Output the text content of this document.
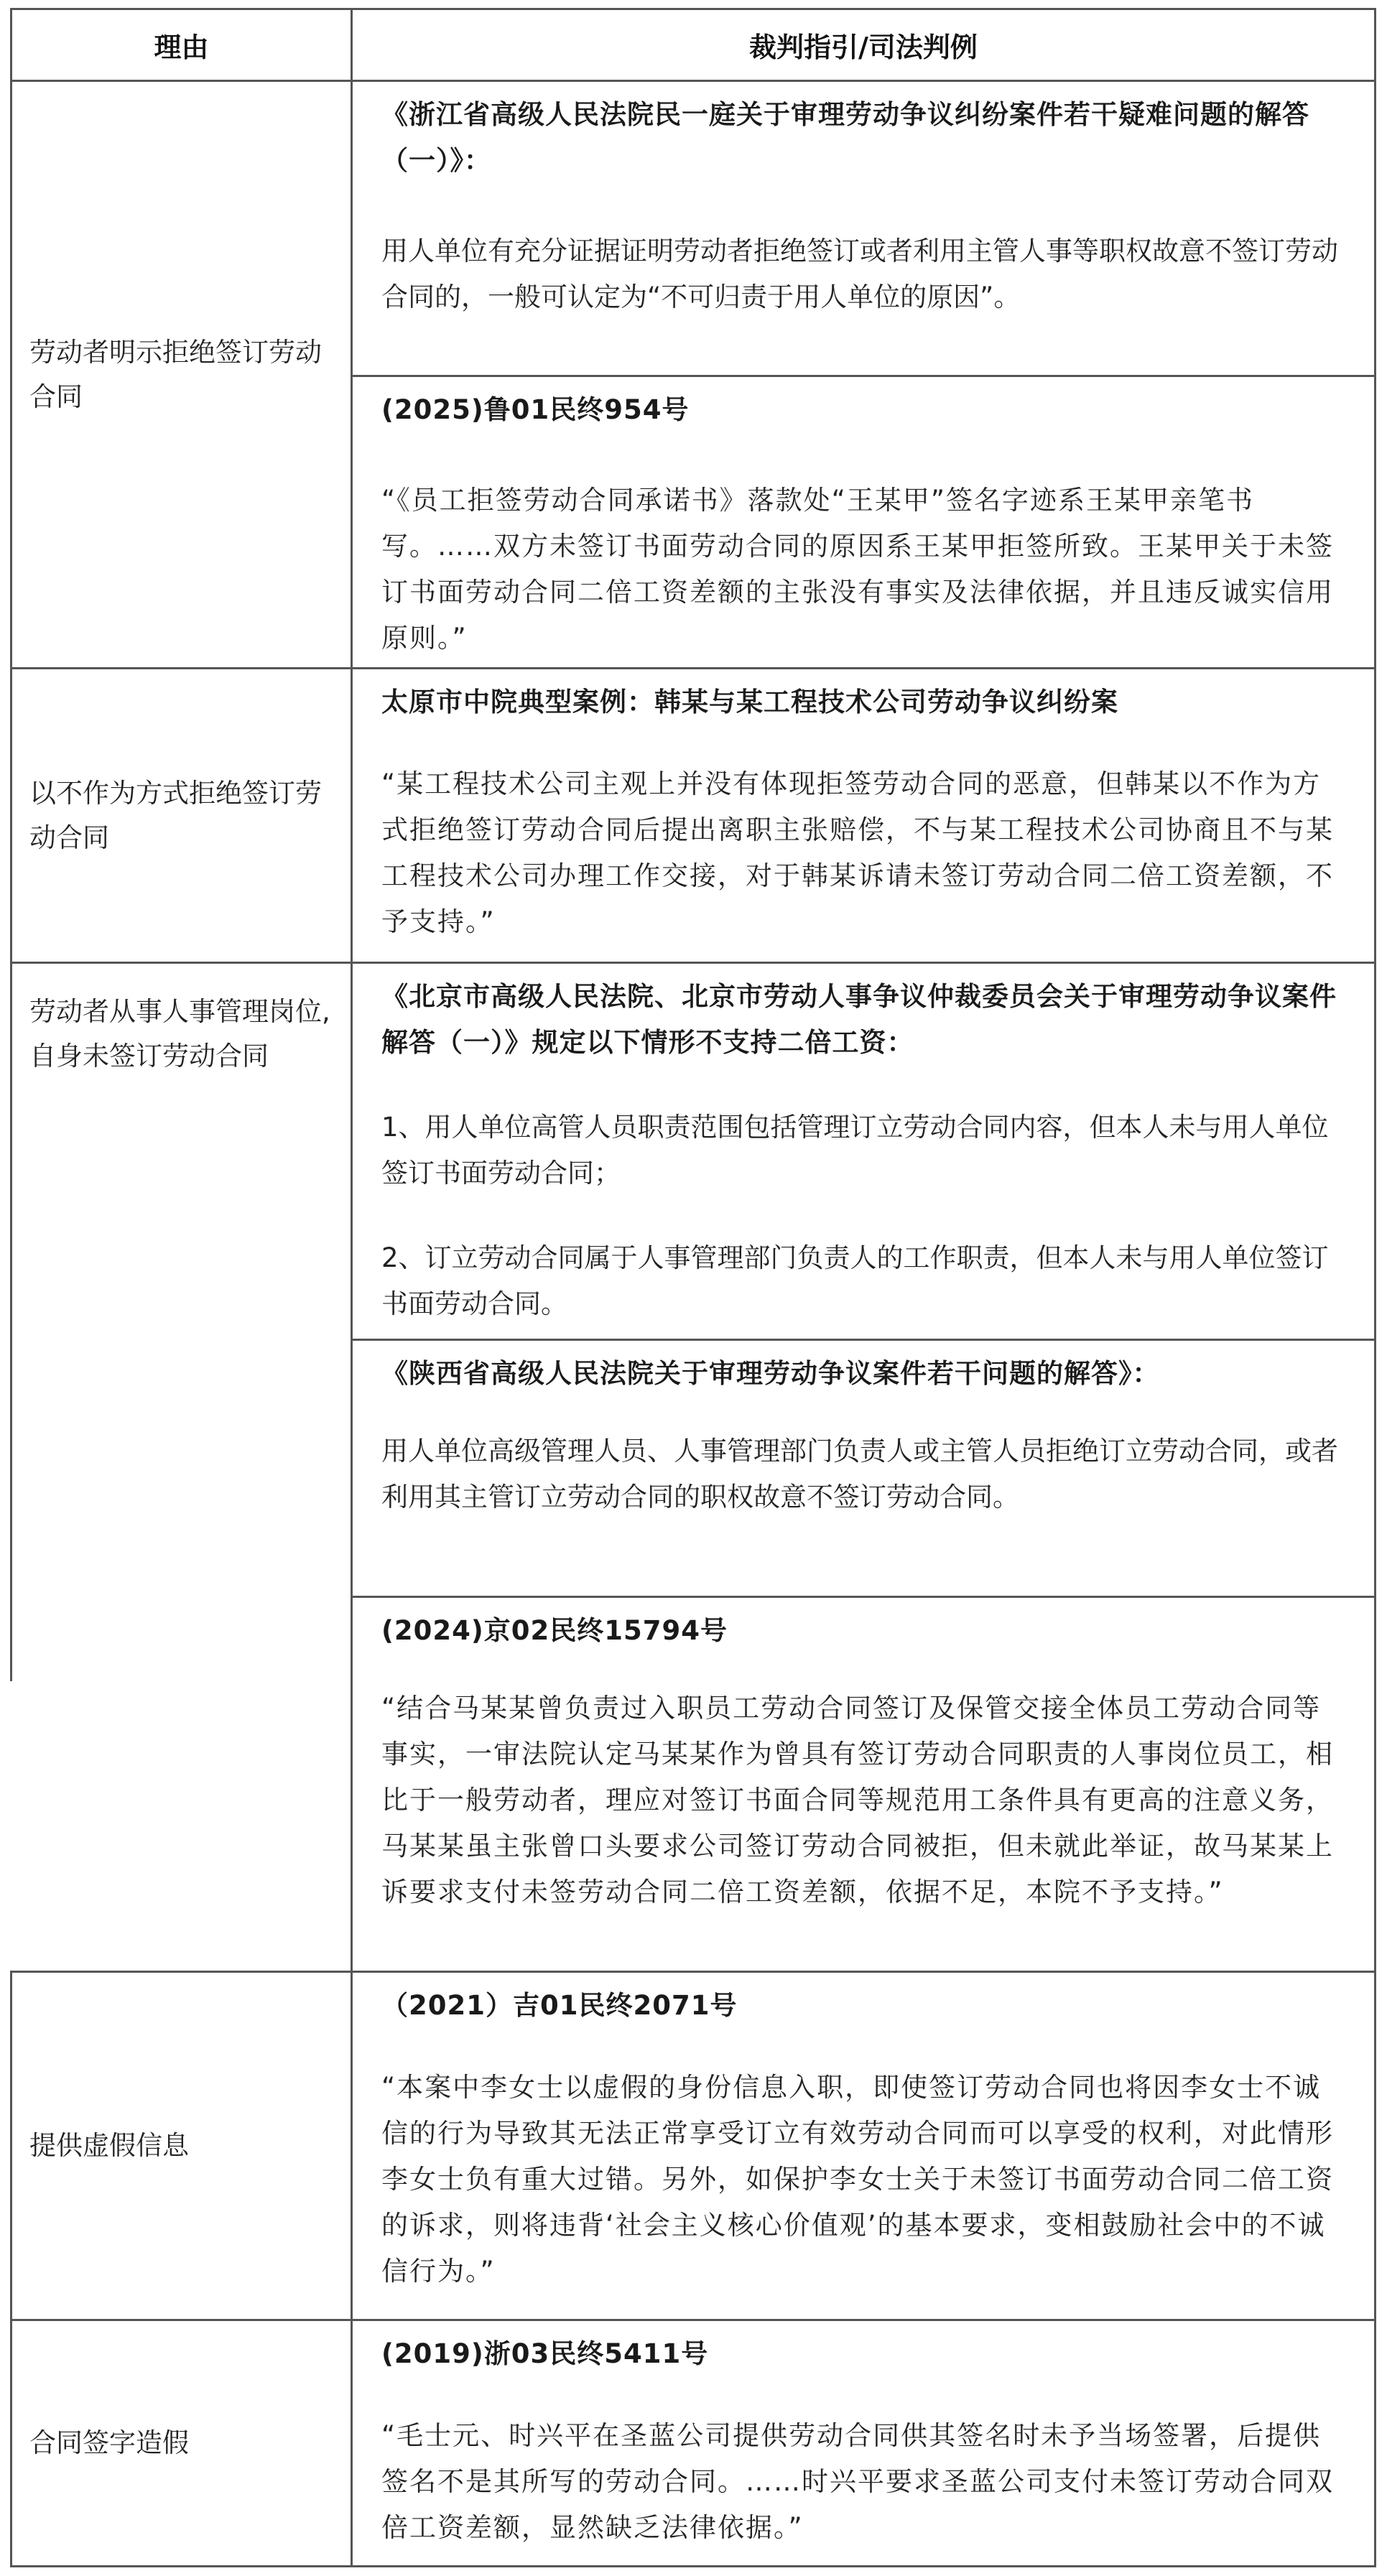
理由	裁判指引/司法判例
劳动者明示拒绝签订劳动合同
以不作为方式拒绝签订劳动合同
劳动者从事人事管理岗位,自身未签订劳动合同
提供虚假信息
合同签字造假

《浙江省高级人民法院民一庭关于审理劳动争议纠纷案件若干疑难问题的解答（一）》：

用人单位有充分证据证明劳动者拒绝签订或者利用主管人事等职权故意不签订劳动合同的，一般可认定为“不可归责于用人单位的原因”。

(2025)鲁01民终954号

“《员工拒签劳动合同承诺书》落款处“王某甲”签名字迹系王某甲亲笔书写。……双方未签订书面劳动合同的原因系王某甲拒签所致。王某甲关于未签订书面劳动合同二倍工资差额的主张没有事实及法律依据，并且违反诚实信用原则。”

太原市中院典型案例：韩某与某工程技术公司劳动争议纠纷案

“某工程技术公司主观上并没有体现拒签劳动合同的恶意，但韩某以不作为方式拒绝签订劳动合同后提出离职主张赔偿，不与某工程技术公司协商且不与某工程技术公司办理工作交接，对于韩某诉请未签订劳动合同二倍工资差额，不予支持。”

《北京市高级人民法院、北京市劳动人事争议仲裁委员会关于审理劳动争议案件解答（一）》规定以下情形不支持二倍工资：

1、用人单位高管人员职责范围包括管理订立劳动合同内容，但本人未与用人单位签订书面劳动合同；

2、订立劳动合同属于人事管理部门负责人的工作职责，但本人未与用人单位签订书面劳动合同。

《陕西省高级人民法院关于审理劳动争议案件若干问题的解答》：

用人单位高级管理人员、人事管理部门负责人或主管人员拒绝订立劳动合同，或者利用其主管订立劳动合同的职权故意不签订劳动合同。

(2024)京02民终15794号

“结合马某某曾负责过入职员工劳动合同签订及保管交接全体员工劳动合同等事实，一审法院认定马某某作为曾具有签订劳动合同职责的人事岗位员工，相比于一般劳动者，理应对签订书面合同等规范用工条件具有更高的注意义务，马某某虽主张曾口头要求公司签订劳动合同被拒，但未就此举证，故马某某上诉要求支付未签劳动合同二倍工资差额，依据不足，本院不予支持。”

（2021）吉01民终2071号

“本案中李女士以虚假的身份信息入职，即使签订劳动合同也将因李女士不诚信的行为导致其无法正常享受订立有效劳动合同而可以享受的权利，对此情形李女士负有重大过错。另外，如保护李女士关于未签订书面劳动合同二倍工资的诉求，则将违背‘社会主义核心价值观’的基本要求，变相鼓励社会中的不诚信行为。”

(2019)浙03民终5411号

“毛士元、时兴平在圣蓝公司提供劳动合同供其签名时未予当场签署，后提供签名不是其所写的劳动合同。……时兴平要求圣蓝公司支付未签订劳动合同双倍工资差额，显然缺乏法律依据。”
